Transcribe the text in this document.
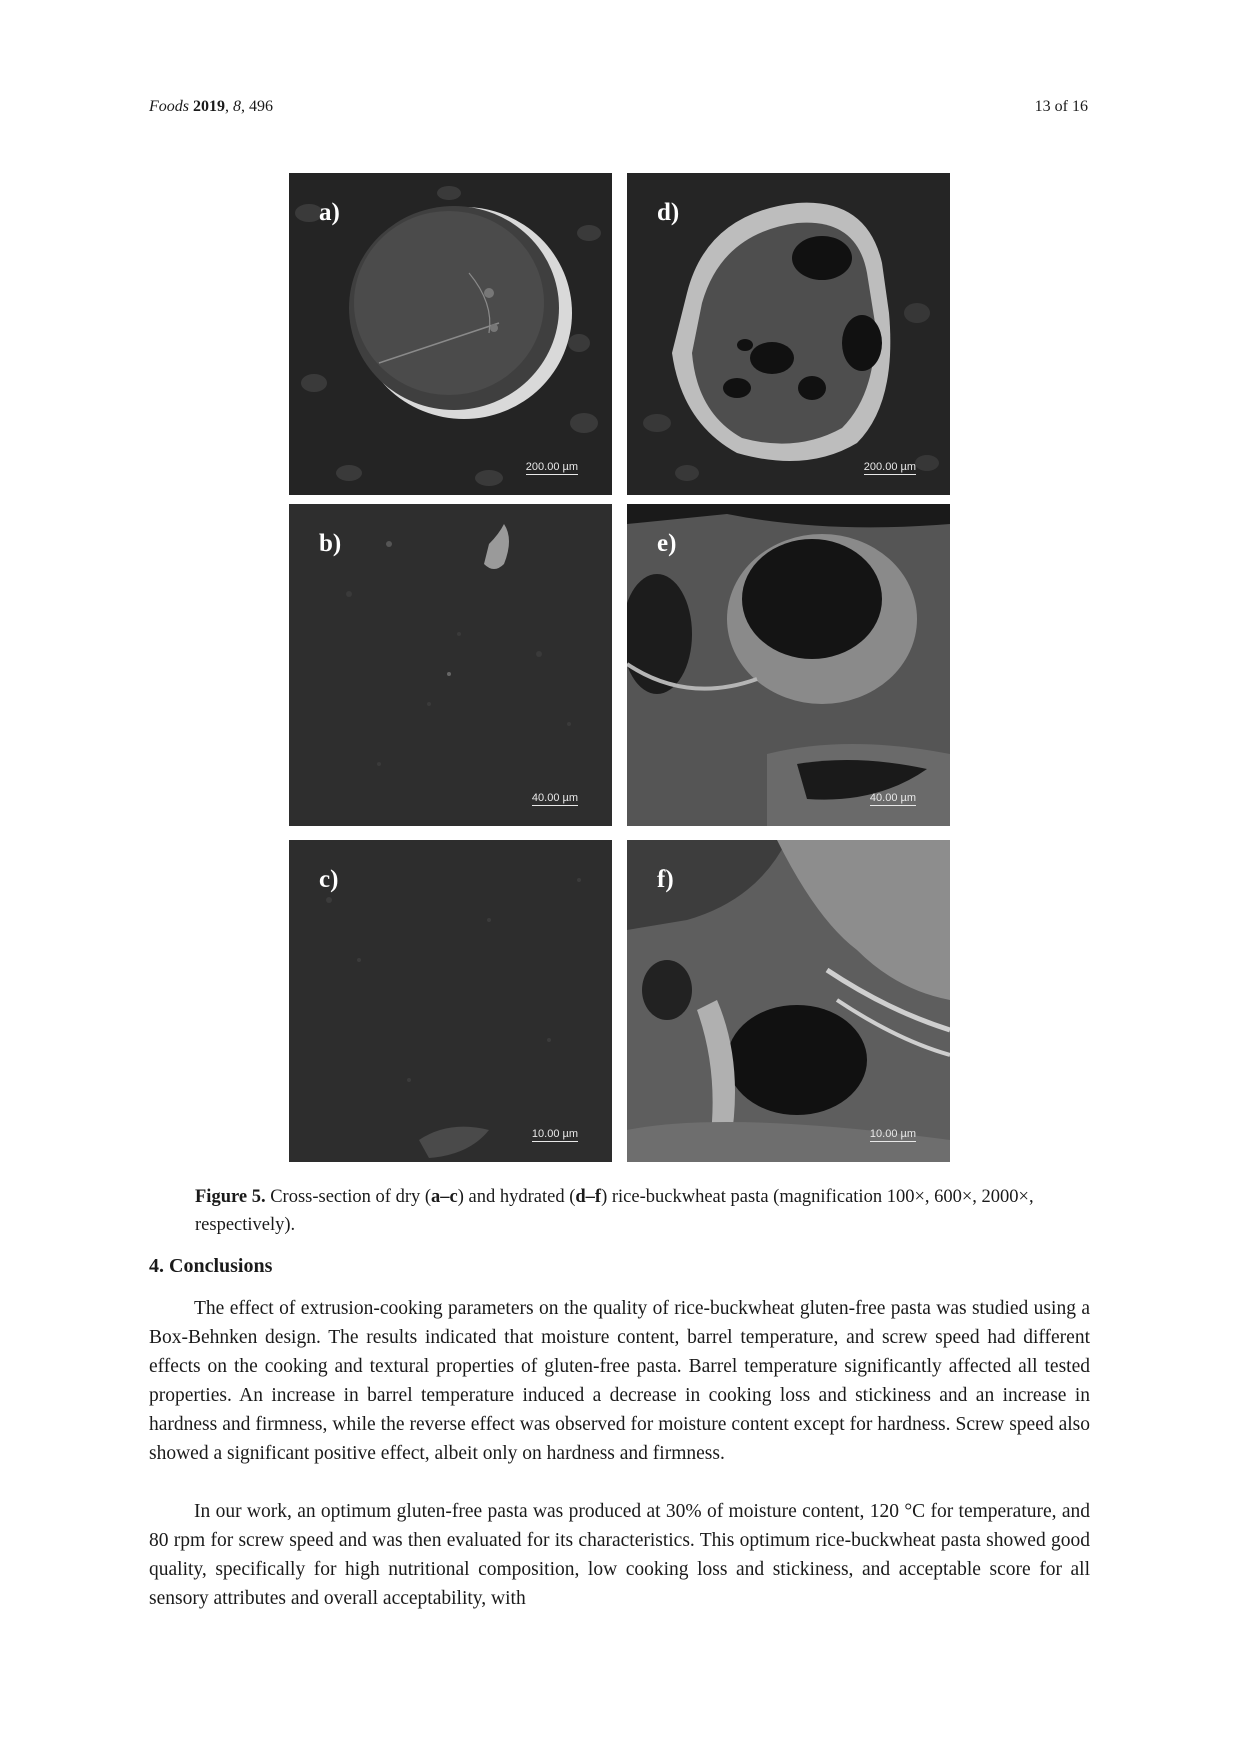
Foods 2019, 8, 496	13 of 16
a)
200.00 µm
d)
200.00 µm
b)
40.00 µm
e)
40.00 µm
c)
10.00 µm
f)
10.00 µm
Figure 5. Cross-section of dry (a–c) and hydrated (d–f) rice-buckwheat pasta (magnification 100×, 600×, 2000×, respectively).
4. Conclusions

The effect of extrusion-cooking parameters on the quality of rice-buckwheat gluten-free pasta was studied using a Box-Behnken design. The results indicated that moisture content, barrel temperature, and screw speed had different effects on the cooking and textural properties of gluten-free pasta. Barrel temperature significantly affected all tested properties. An increase in barrel temperature induced a decrease in cooking loss and stickiness and an increase in hardness and firmness, while the reverse effect was observed for moisture content except for hardness. Screw speed also showed a significant positive effect, albeit only on hardness and firmness.

In our work, an optimum gluten-free pasta was produced at 30% of moisture content, 120 °C for temperature, and 80 rpm for screw speed and was then evaluated for its characteristics. This optimum rice-buckwheat pasta showed good quality, specifically for high nutritional composition, low cooking loss and stickiness, and acceptable score for all sensory attributes and overall acceptability, with
